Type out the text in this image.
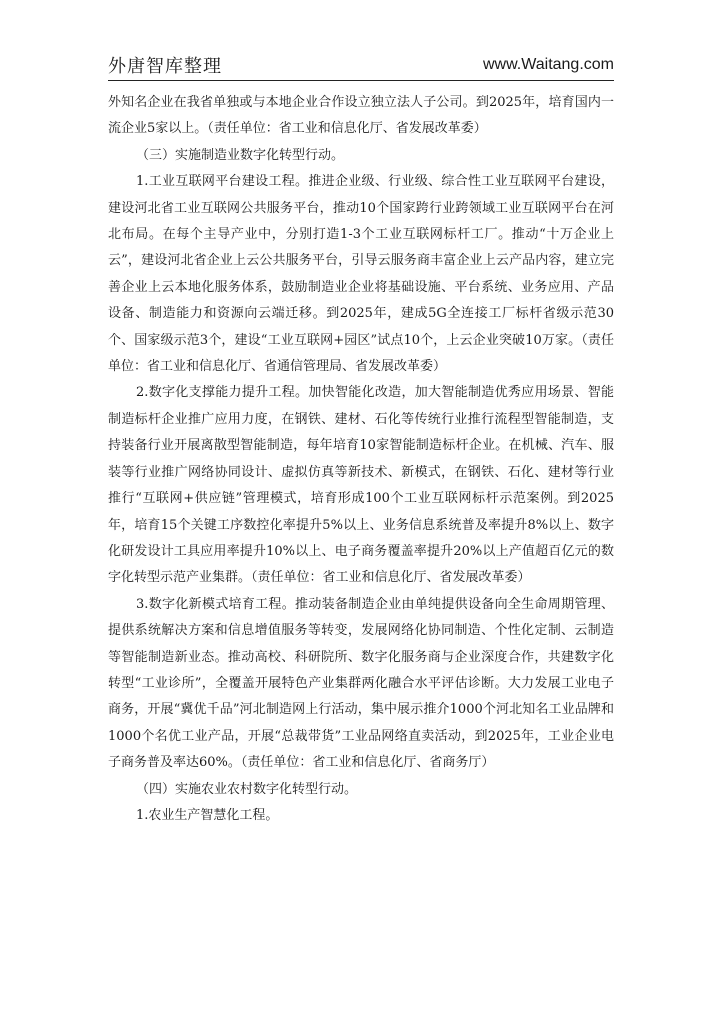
外唐智库整理	www.Waitang.com

外知名企业在我省单独或与本地企业合作设立独立法人子公司。到2025年，培育国内一流企业5家以上。（责任单位：省工业和信息化厅、省发展改革委）

（三）实施制造业数字化转型行动。

1.工业互联网平台建设工程。推进企业级、行业级、综合性工业互联网平台建设，建设河北省工业互联网公共服务平台，推动10个国家跨行业跨领域工业互联网平台在河北布局。在每个主导产业中，分别打造1-3个工业互联网标杆工厂。推动“十万企业上云”，建设河北省企业上云公共服务平台，引导云服务商丰富企业上云产品内容，建立完善企业上云本地化服务体系，鼓励制造业企业将基础设施、平台系统、业务应用、产品设备、制造能力和资源向云端迁移。到2025年，建成5G全连接工厂标杆省级示范30个、国家级示范3个，建设“工业互联网+园区”试点10个，上云企业突破10万家。（责任单位：省工业和信息化厅、省通信管理局、省发展改革委）

2.数字化支撑能力提升工程。加快智能化改造，加大智能制造优秀应用场景、智能制造标杆企业推广应用力度，在钢铁、建材、石化等传统行业推行流程型智能制造，支持装备行业开展离散型智能制造，每年培育10家智能制造标杆企业。在机械、汽车、服装等行业推广网络协同设计、虚拟仿真等新技术、新模式，在钢铁、石化、建材等行业推行“互联网+供应链”管理模式，培育形成100个工业互联网标杆示范案例。到2025年，培育15个关键工序数控化率提升5%以上、业务信息系统普及率提升8%以上、数字化研发设计工具应用率提升10%以上、电子商务覆盖率提升20%以上产值超百亿元的数字化转型示范产业集群。（责任单位：省工业和信息化厅、省发展改革委）

3.数字化新模式培育工程。推动装备制造企业由单纯提供设备向全生命周期管理、提供系统解决方案和信息增值服务等转变，发展网络化协同制造、个性化定制、云制造等智能制造新业态。推动高校、科研院所、数字化服务商与企业深度合作，共建数字化转型“工业诊所”，全覆盖开展特色产业集群两化融合水平评估诊断。大力发展工业电子商务，开展“冀优千品”河北制造网上行活动，集中展示推介1000个河北知名工业品牌和1000个名优工业产品，开展“总裁带货”工业品网络直卖活动，到2025年，工业企业电子商务普及率达60%。（责任单位：省工业和信息化厅、省商务厅）

（四）实施农业农村数字化转型行动。

1.农业生产智慧化工程。
